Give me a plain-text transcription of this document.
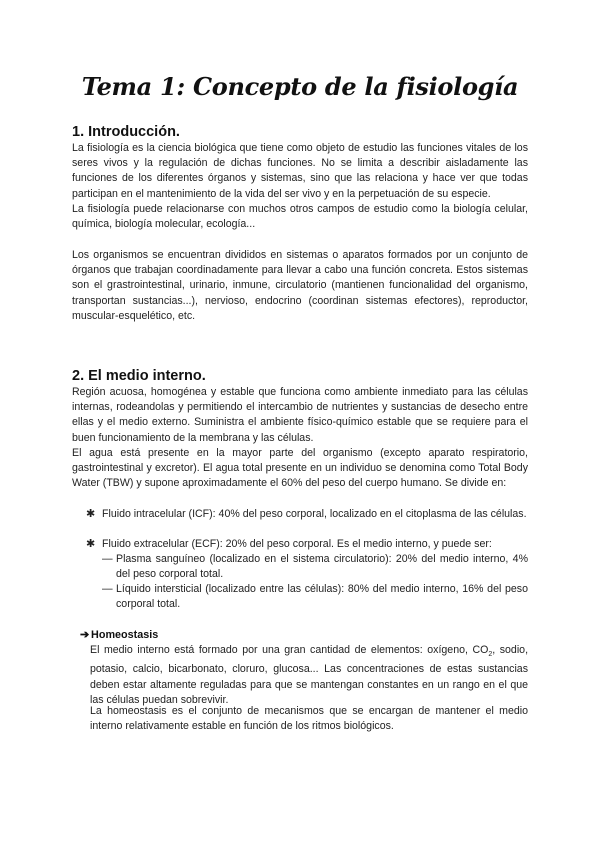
Tema 1: Concepto de la fisiología
1. Introducción.

La fisiología es la ciencia biológica que tiene como objeto de estudio las funciones vitales de los seres vivos y la regulación de dichas funciones. No se limita a describir aisladamente las funciones de los diferentes órganos y sistemas, sino que las relaciona y hace ver que todas participan en el mantenimiento de la vida del ser vivo y en la perpetuación de su especie.

La fisiología puede relacionarse con muchos otros campos de estudio como la biología celular, química, biología molecular, ecología...

Los organismos se encuentran divididos en sistemas o aparatos formados por un conjunto de órganos que trabajan coordinadamente para llevar a cabo una función concreta. Estos sistemas son el grastrointestinal, urinario, inmune, circulatorio (mantienen funcionalidad del organismo, transportan sustancias...), nervioso, endocrino (coordinan sistemas efectores), reproductor, muscular-esquelético, etc.

2. El medio interno.

Región acuosa, homogénea y estable que funciona como ambiente inmediato para las células internas, rodeandolas y permitiendo el intercambio de nutrientes y sustancias de desecho entre ellas y el medio externo. Suministra el ambiente físico-químico estable que se requiere para el buen funcionamiento de la membrana y las células.

El agua está presente en la mayor parte del organismo (excepto aparato respiratorio, gastrointestinal y excretor). El agua total presente en un individuo se denomina como Total Body Water (TBW) y supone aproximadamente el 60% del peso del cuerpo humano. Se divide en:

✱ Fluido intracelular (ICF): 40% del peso corporal, localizado en el citoplasma de las células.
✱ Fluido extracelular (ECF): 20% del peso corporal. Es el medio interno, y puede ser:
— Plasma sanguíneo (localizado en el sistema circulatorio): 20% del medio interno, 4% del peso corporal total.
— Líquido intersticial (localizado entre las células): 80% del medio interno, 16% del peso corporal total.
➔ Homeostasis

El medio interno está formado por una gran cantidad de elementos: oxígeno, $CO_2$, sodio, potasio, calcio, bicarbonato, cloruro, glucosa... Las concentraciones de estas sustancias deben estar altamente reguladas para que se mantengan constantes en un rango en el que las células puedan sobrevivir.

La homeostasis es el conjunto de mecanismos que se encargan de mantener el medio interno relativamente estable en función de los ritmos biológicos.
